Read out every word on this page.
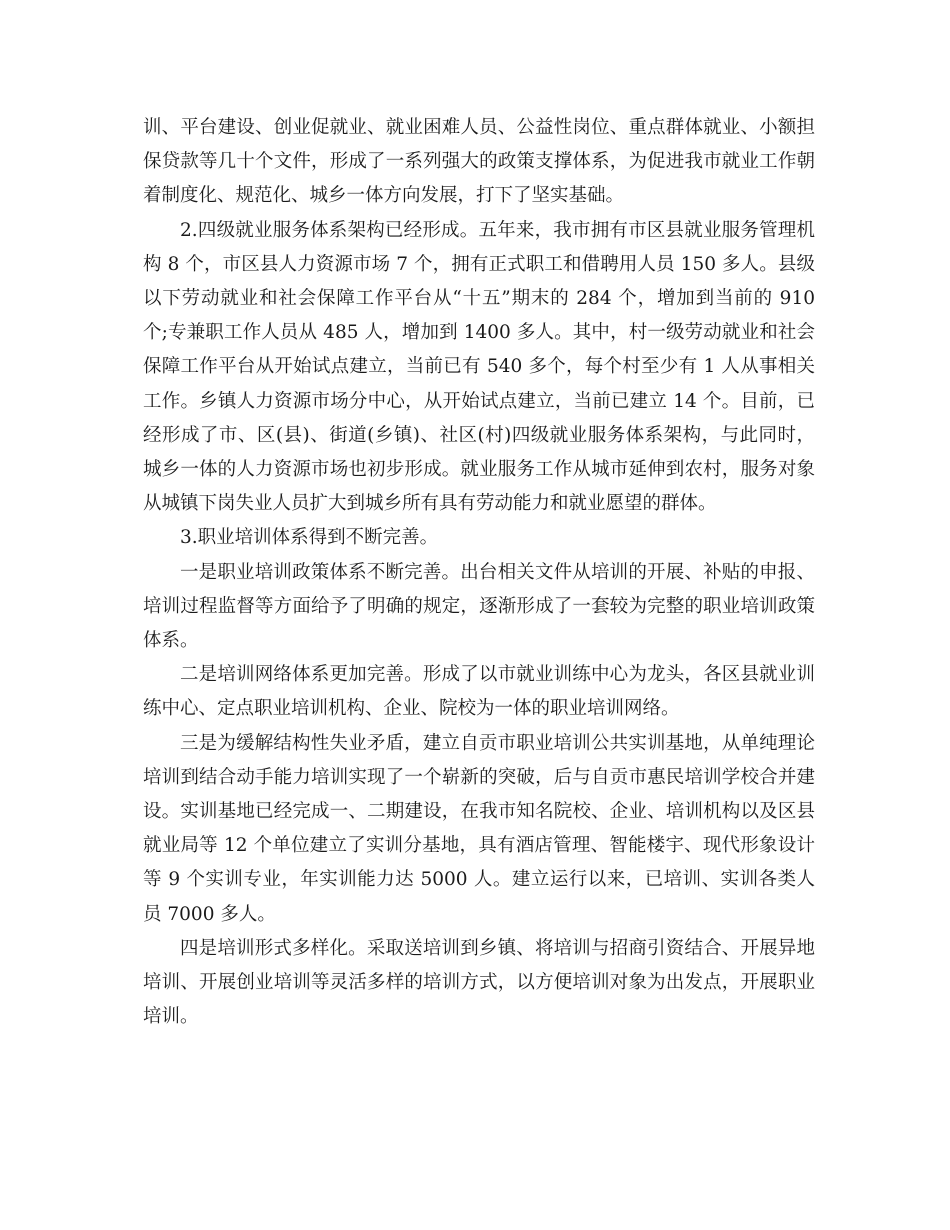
训、平台建设、创业促就业、就业困难人员、公益性岗位、重点群体就业、小额担保贷款等几十个文件，形成了一系列强大的政策支撑体系，为促进我市就业工作朝着制度化、规范化、城乡一体方向发展，打下了坚实基础。

2.四级就业服务体系架构已经形成。五年来，我市拥有市区县就业服务管理机构 8 个，市区县人力资源市场 7 个，拥有正式职工和借聘用人员 150 多人。县级以下劳动就业和社会保障工作平台从“十五”期末的 284 个，增加到当前的 910 个;专兼职工作人员从 485 人，增加到 1400 多人。其中，村一级劳动就业和社会保障工作平台从开始试点建立，当前已有 540 多个，每个村至少有 1 人从事相关工作。乡镇人力资源市场分中心，从开始试点建立，当前已建立 14 个。目前，已经形成了市、区(县)、街道(乡镇)、社区(村)四级就业服务体系架构，与此同时，城乡一体的人力资源市场也初步形成。就业服务工作从城市延伸到农村，服务对象从城镇下岗失业人员扩大到城乡所有具有劳动能力和就业愿望的群体。

3.职业培训体系得到不断完善。

一是职业培训政策体系不断完善。出台相关文件从培训的开展、补贴的申报、培训过程监督等方面给予了明确的规定，逐渐形成了一套较为完整的职业培训政策体系。

二是培训网络体系更加完善。形成了以市就业训练中心为龙头，各区县就业训练中心、定点职业培训机构、企业、院校为一体的职业培训网络。

三是为缓解结构性失业矛盾，建立自贡市职业培训公共实训基地，从单纯理论培训到结合动手能力培训实现了一个崭新的突破，后与自贡市惠民培训学校合并建设。实训基地已经完成一、二期建设，在我市知名院校、企业、培训机构以及区县就业局等 12 个单位建立了实训分基地，具有酒店管理、智能楼宇、现代形象设计等 9 个实训专业，年实训能力达 5000 人。建立运行以来，已培训、实训各类人员 7000 多人。

四是培训形式多样化。采取送培训到乡镇、将培训与招商引资结合、开展异地培训、开展创业培训等灵活多样的培训方式，以方便培训对象为出发点，开展职业培训。
